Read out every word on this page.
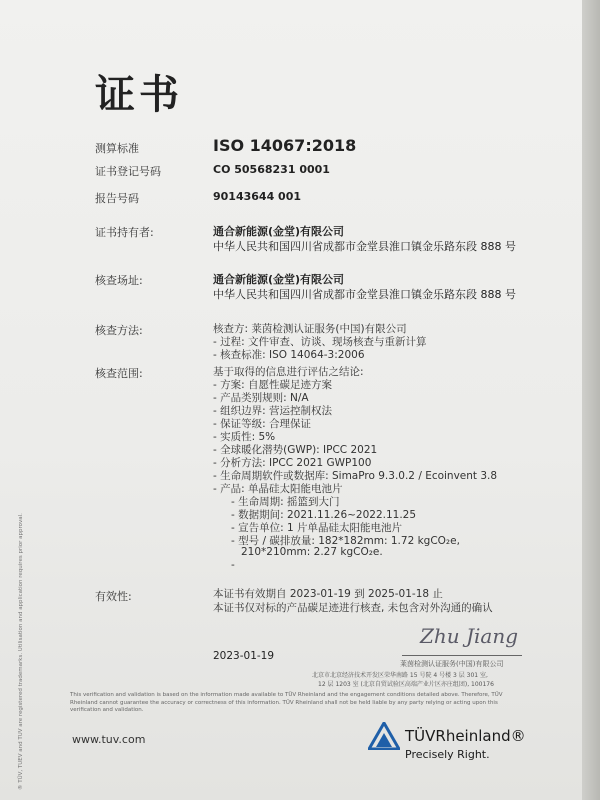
证书
测算标准	ISO 14067:2018
证书登记号码	CO 50568231 0001
报告号码	90143644 001
证书持有者:	通合新能源(金堂)有限公司
中华人民共和国四川省成都市金堂县淮口镇金乐路东段 888 号
核查场址:	通合新能源(金堂)有限公司
中华人民共和国四川省成都市金堂县淮口镇金乐路东段 888 号
核查方法:	核查方: 莱茵检测认证服务(中国)有限公司
- 过程: 文件审查、访谈、现场核查与重新计算
- 核查标准: ISO 14064-3:2006
核查范围:	基于取得的信息进行评估之结论:
- 方案: 自愿性碳足迹方案
- 产品类别规则: N/A
- 组织边界: 营运控制权法
- 保证等级: 合理保证
- 实质性: 5%
- 全球暖化潜势(GWP): IPCC 2021
- 分析方法: IPCC 2021 GWP100
- 生命周期软件或数据库: SimaPro 9.3.0.2 / Ecoinvent 3.8
- 产品: 单晶硅太阳能电池片
- 生命周期: 摇篮到大门
- 数据期间: 2021.11.26~2022.11.25
- 宣告单位: 1 片单晶硅太阳能电池片
- 型号 / 碳排放量: 182*182mm: 1.72 kgCO₂e,
210*210mm: 2.27 kgCO₂e.
-
有效性:	本证书有效期自 2023-01-19 到 2025-01-18 止
本证书仅对标的产品碳足迹进行核查, 未包含对外沟通的确认
2023-01-19
Zhu Jiang
莱茵检测认证服务(中国)有限公司
北京市北京经济技术开发区荣华南路 15 号院 4 号楼 3 层 301 室,
12 层 1203 室 (北京自贸试验区高端产业片区亦庄组团), 100176
This verification and validation is based on the information made available to TÜV Rheinland and the engagement conditions detailed above. Therefore, TÜV Rheinland cannot guarantee the accuracy or correctness of this information. TÜV Rheinland shall not be held liable by any party relying or acting upon this verification and validation.
www.tuv.com	TÜVRheinland®
Precisely Right.
® TÜV, TUEV and TUV are registered trademarks. Utilisation and application requires prior approval.
